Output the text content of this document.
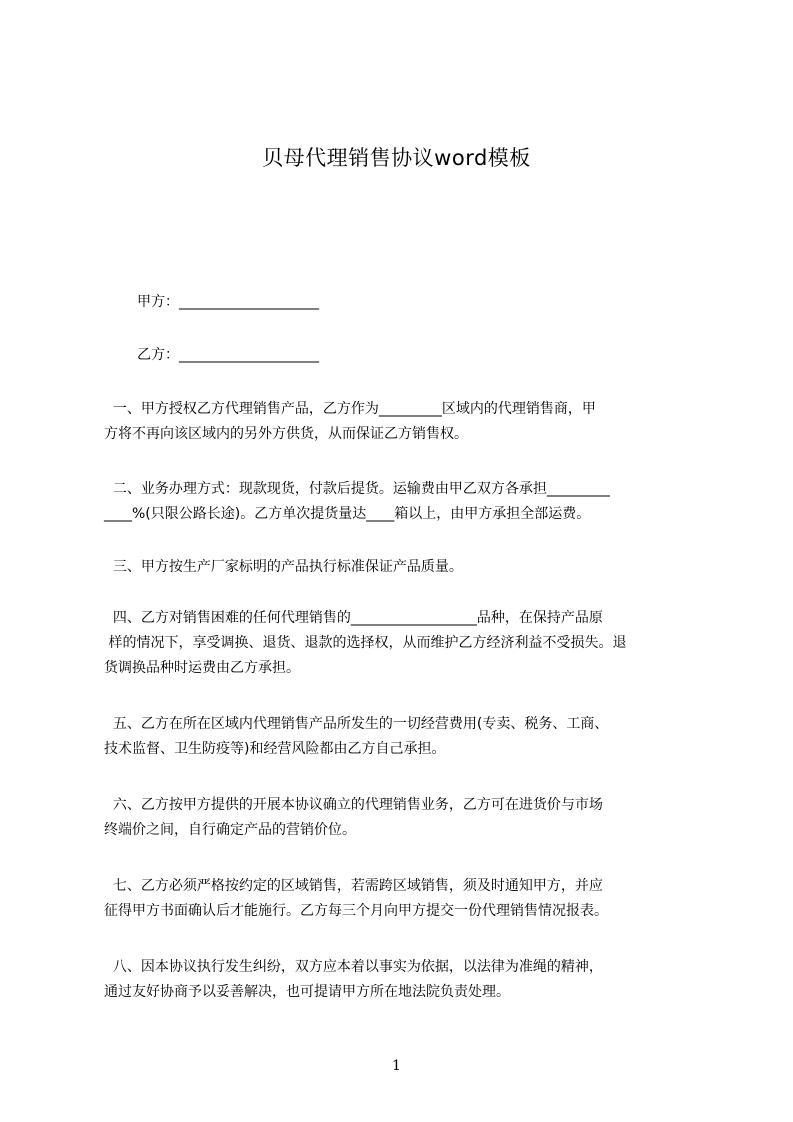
贝母代理销售协议word模板
甲方：____________________
乙方：____________________
一、甲方授权乙方代理销售产品，乙方作为_________区域内的代理销售商，甲
方将不再向该区域内的另外方供货，从而保证乙方销售权。
二、业务办理方式：现款现货，付款后提货。运输费由甲乙双方各承担_________
____%(只限公路长途)。乙方单次提货量达____箱以上，由甲方承担全部运费。
三、甲方按生产厂家标明的产品执行标准保证产品质量。
四、乙方对销售困难的任何代理销售的__________________品种，在保持产品原
样的情况下，享受调换、退货、退款的选择权，从而维护乙方经济利益不受损失。退
货调换品种时运费由乙方承担。
五、乙方在所在区域内代理销售产品所发生的一切经营费用(专卖、税务、工商、
技术监督、卫生防疫等)和经营风险都由乙方自己承担。
六、乙方按甲方提供的开展本协议确立的代理销售业务，乙方可在进货价与市场
终端价之间，自行确定产品的营销价位。
七、乙方必须严格按约定的区域销售，若需跨区域销售，须及时通知甲方，并应
征得甲方书面确认后才能施行。乙方每三个月向甲方提交一份代理销售情况报表。
八、因本协议执行发生纠纷，双方应本着以事实为依据，以法律为准绳的精神，
通过友好协商予以妥善解决，也可提请甲方所在地法院负责处理。
1
